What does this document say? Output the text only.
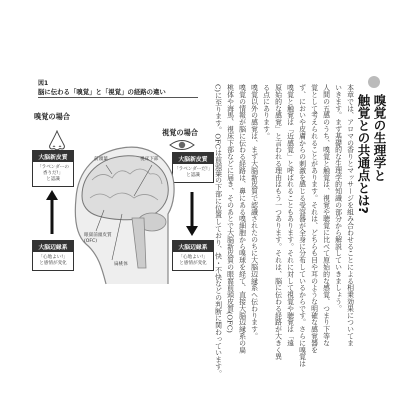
図1
脳に伝わる「嗅覚」と「視覚」の経路の違い
嗅覚の場合
大脳新皮質
「ラベンダーの
香りだ!」
と認識
大脳辺縁系
「心地よい!」
と感情が変化
視覚の場合
大脳新皮質
「ラベンダーだ!」
と認識
大脳辺縁系
「心地よい!」
と感情が変化
前頭葉	視床下部
眼窩前頭皮質
(OFC)
扁桃体	本章では、アロマの香りとマッサージを組み合わせることによる相乗効果についてま
いきます。まず基礎的な生理学的知識の部分から解説していきましょう。
人間の五感のうち、嗅覚と触覚は、視覚や聴覚に比べて原始的な感覚、つまり下等な
覚として考えられることがあります。それは、どちらも目や耳のような明確な感覚器を
ず、においや皮膚からの刺激を感じる受容器が全身に分布しているからです。さらに嗅覚は
嗅覚と触覚は「近感覚」と呼ばれることもあります。それに対して視覚や聴覚は「遠
原始的な感覚」と言われる理由はもう一つあります。それは、脳に伝わる経路が大きく異
る点にあります。
嗅覚以外の感覚は、まず大脳新皮質で認識されたのちに大脳辺縁系へ伝わります。
嗅覚の情報が脳に伝わる経路は、鼻にある嗅細胞から嗅球を経て、直接大脳辺縁系の扁
桃体や海馬、視床下部などに届き、そのあとで大脳新皮質の眼窩前頭皮質(OFC)
C)に至ります。OFCは前頭葉の下部に位置しており、快・不快などの判断に関わっています。	嗅覚の生理学と
触覚との共通点とは?
